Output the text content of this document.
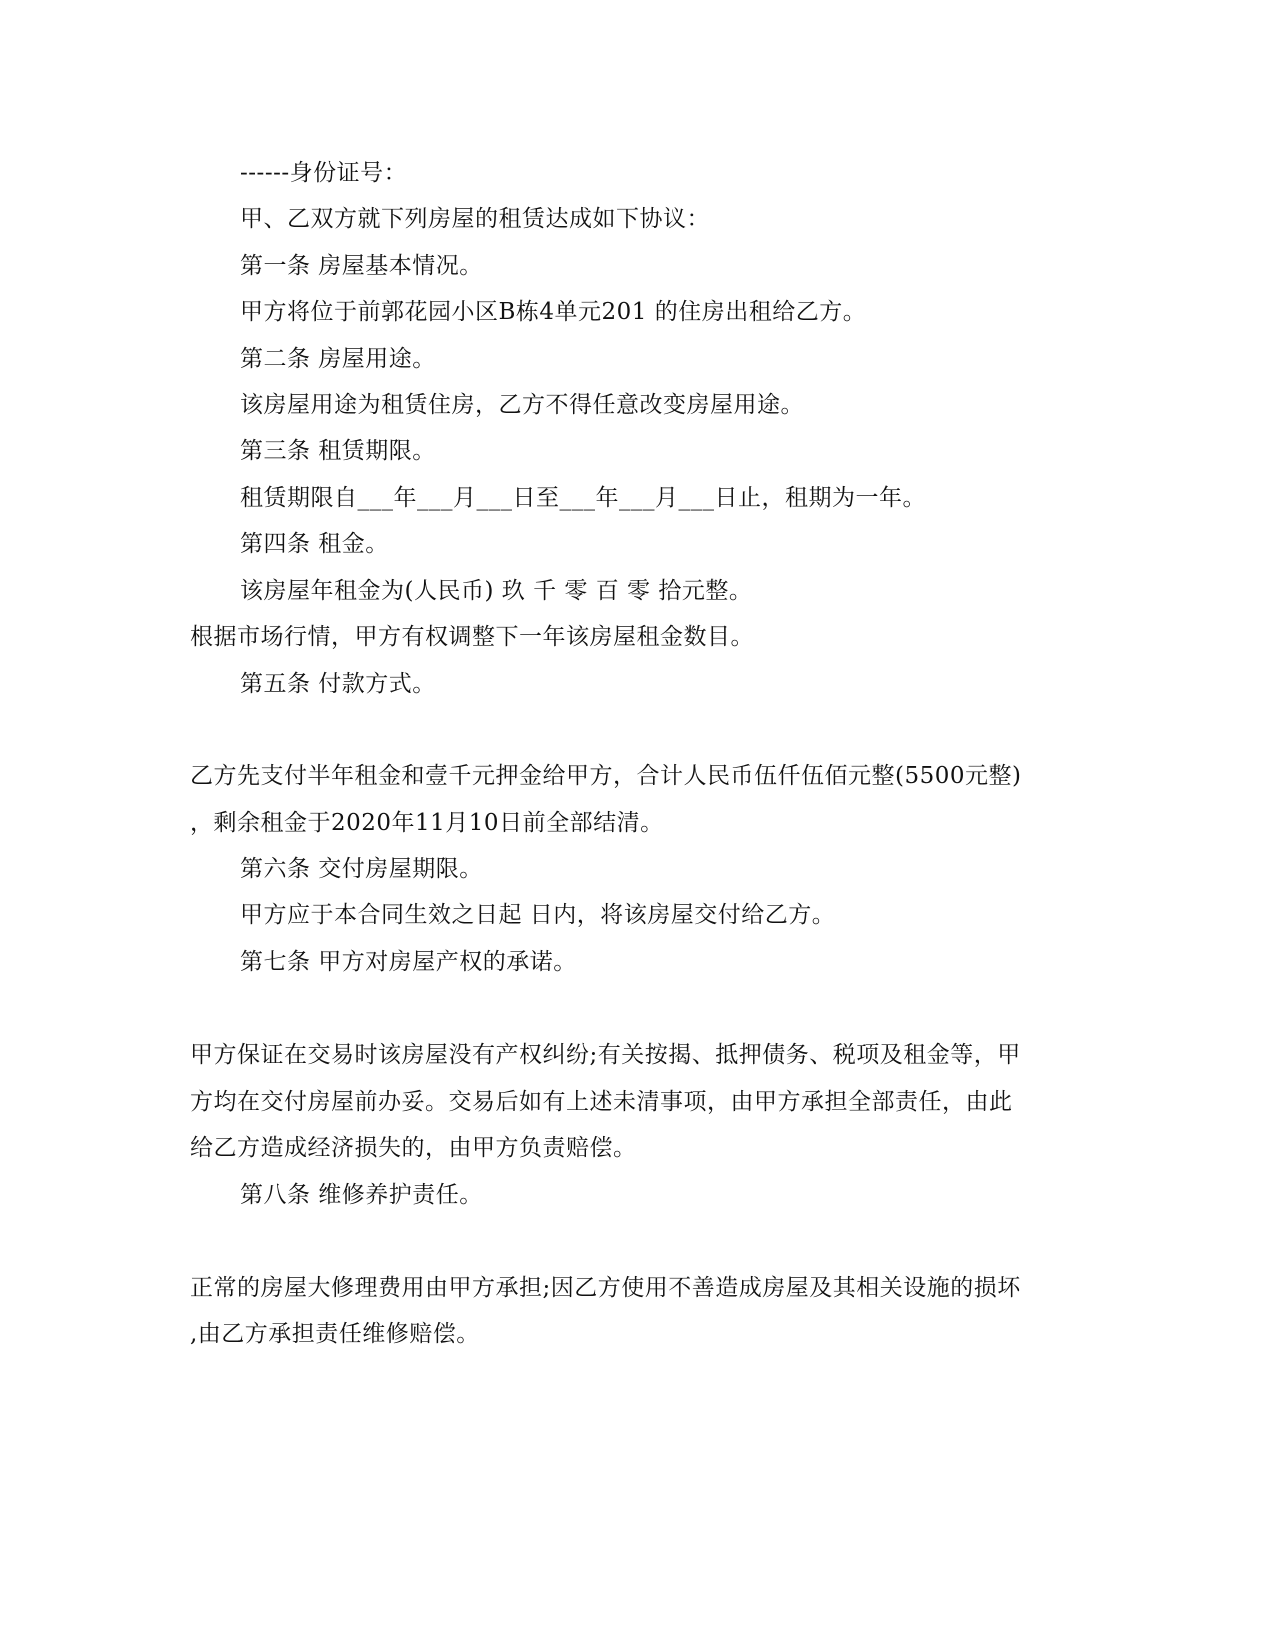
------身份证号：
甲、乙双方就下列房屋的租赁达成如下协议：
第一条 房屋基本情况。
甲方将位于前郭花园小区B栋4单元201 的住房出租给乙方。
第二条 房屋用途。
该房屋用途为租赁住房，乙方不得任意改变房屋用途。
第三条 租赁期限。
租赁期限自___年___月___日至___年___月___日止，租期为一年。
第四条 租金。
该房屋年租金为(人民币) 玖 千 零 百 零 拾元整。
根据市场行情，甲方有权调整下一年该房屋租金数目。
第五条 付款方式。
乙方先支付半年租金和壹千元押金给甲方，合计人民币伍仟伍佰元整(5500元整)
，剩余租金于2020年11月10日前全部结清。
第六条 交付房屋期限。
甲方应于本合同生效之日起 日内，将该房屋交付给乙方。
第七条 甲方对房屋产权的承诺。
甲方保证在交易时该房屋没有产权纠纷;有关按揭、抵押债务、税项及租金等，甲
方均在交付房屋前办妥。交易后如有上述未清事项，由甲方承担全部责任，由此
给乙方造成经济损失的，由甲方负责赔偿。
第八条 维修养护责任。
正常的房屋大修理费用由甲方承担;因乙方使用不善造成房屋及其相关设施的损坏
,由乙方承担责任维修赔偿。
